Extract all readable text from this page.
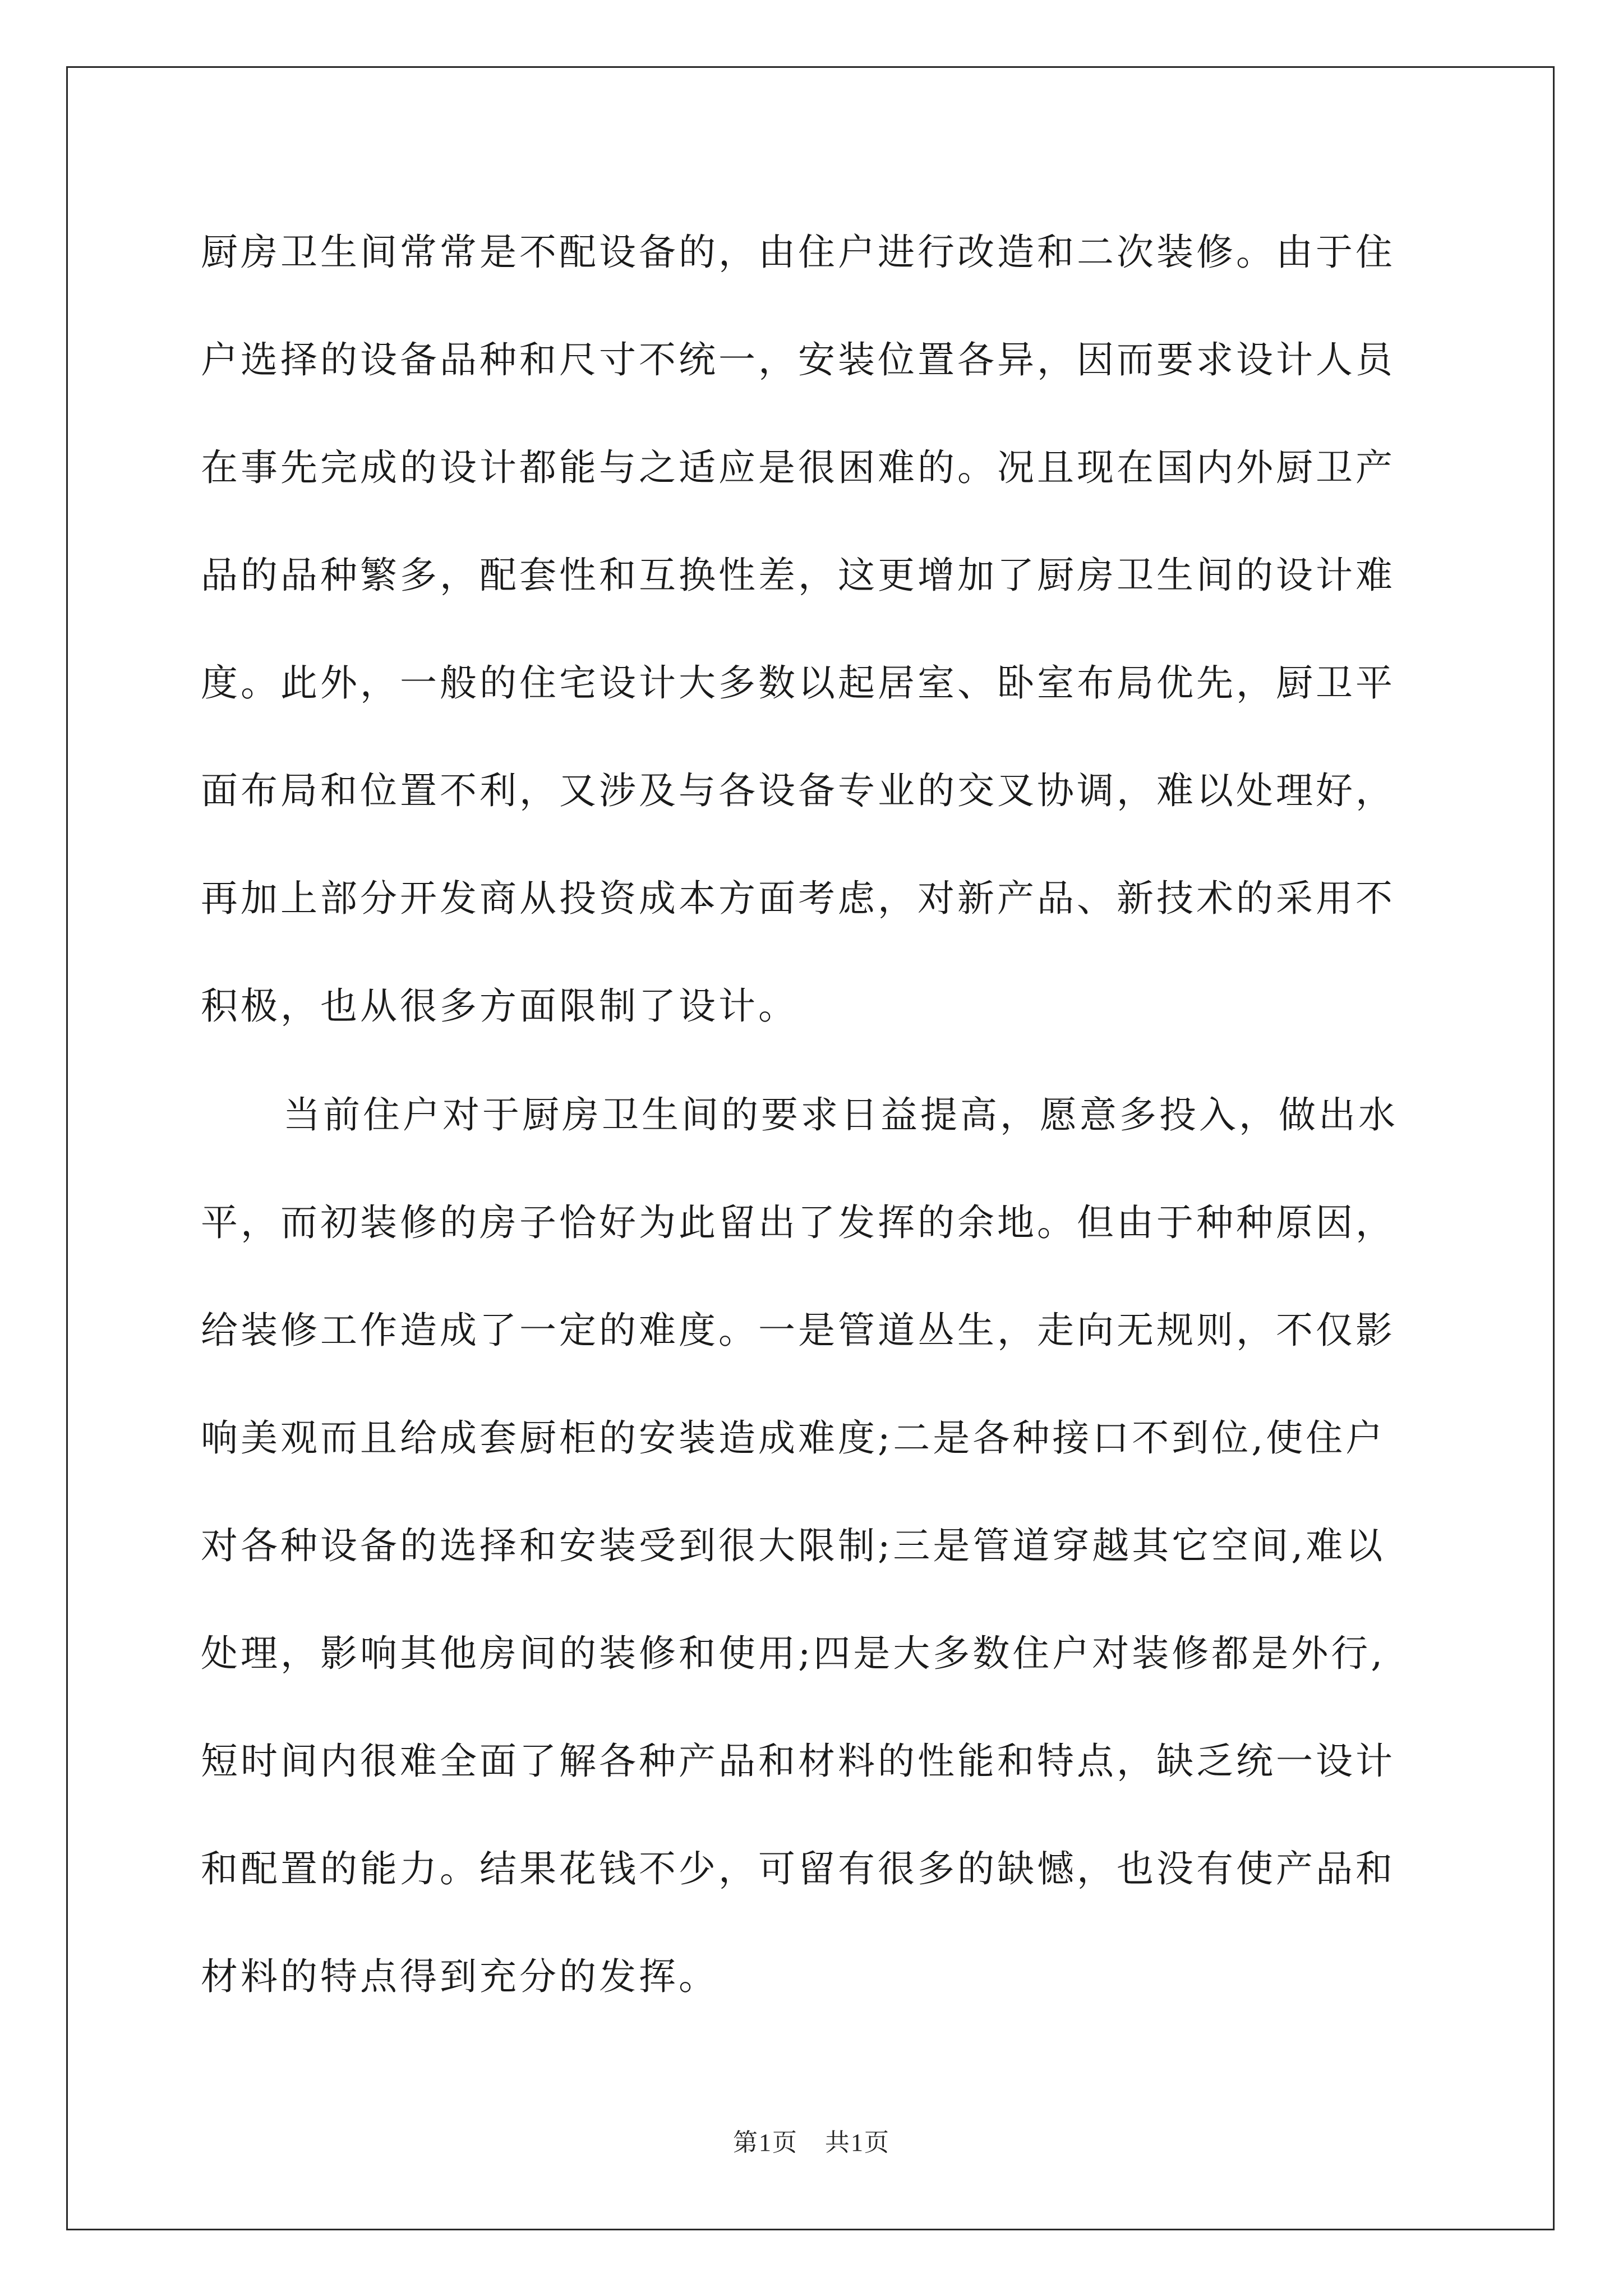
厨房卫生间常常是不配设备的，由住户进行改造和二次装修。由于住
户选择的设备品种和尺寸不统一，安装位置各异，因而要求设计人员
在事先完成的设计都能与之适应是很困难的。况且现在国内外厨卫产
品的品种繁多，配套性和互换性差，这更增加了厨房卫生间的设计难
度。此外，一般的住宅设计大多数以起居室、卧室布局优先，厨卫平
面布局和位置不利，又涉及与各设备专业的交叉协调，难以处理好，
再加上部分开发商从投资成本方面考虑，对新产品、新技术的采用不
积极，也从很多方面限制了设计。
当前住户对于厨房卫生间的要求日益提高，愿意多投入，做出水
平，而初装修的房子恰好为此留出了发挥的余地。但由于种种原因，
给装修工作造成了一定的难度。一是管道丛生，走向无规则，不仅影
响美观而且给成套厨柜的安装造成难度;二是各种接口不到位,使住户
对各种设备的选择和安装受到很大限制;三是管道穿越其它空间,难以
处理，影响其他房间的装修和使用;四是大多数住户对装修都是外行,
短时间内很难全面了解各种产品和材料的性能和特点，缺乏统一设计
和配置的能力。结果花钱不少，可留有很多的缺憾，也没有使产品和
材料的特点得到充分的发挥。
第1页 共1页
